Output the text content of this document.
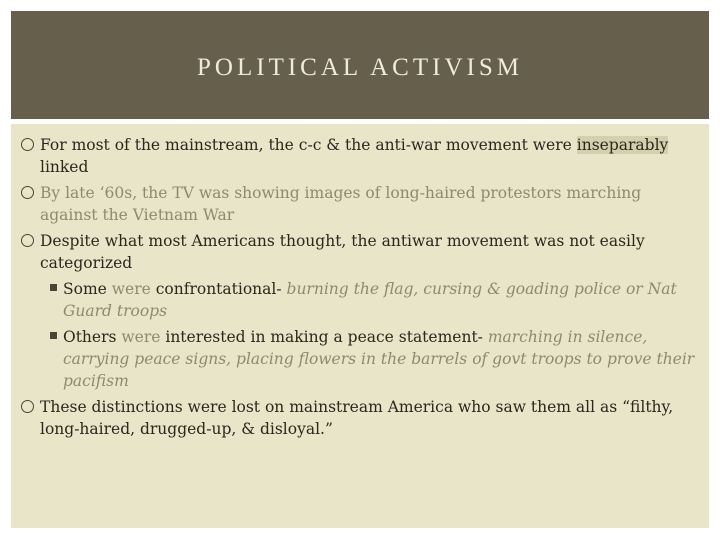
POLITICAL ACTIVISM
For most of the mainstream, the c-c & the anti-war movement were inseparably linked
By late ‘60s, the TV was showing images of long-haired protestors marching against the Vietnam War
Despite what most Americans thought, the antiwar movement was not easily categorized
Some were confrontational- burning the flag, cursing & goading police or Nat Guard troops
Others were interested in making a peace statement- marching in silence, carrying peace signs, placing flowers in the barrels of govt troops to prove their pacifism
These distinctions were lost on mainstream America who saw them all as “filthy, long-haired, drugged-up, & disloyal.”
